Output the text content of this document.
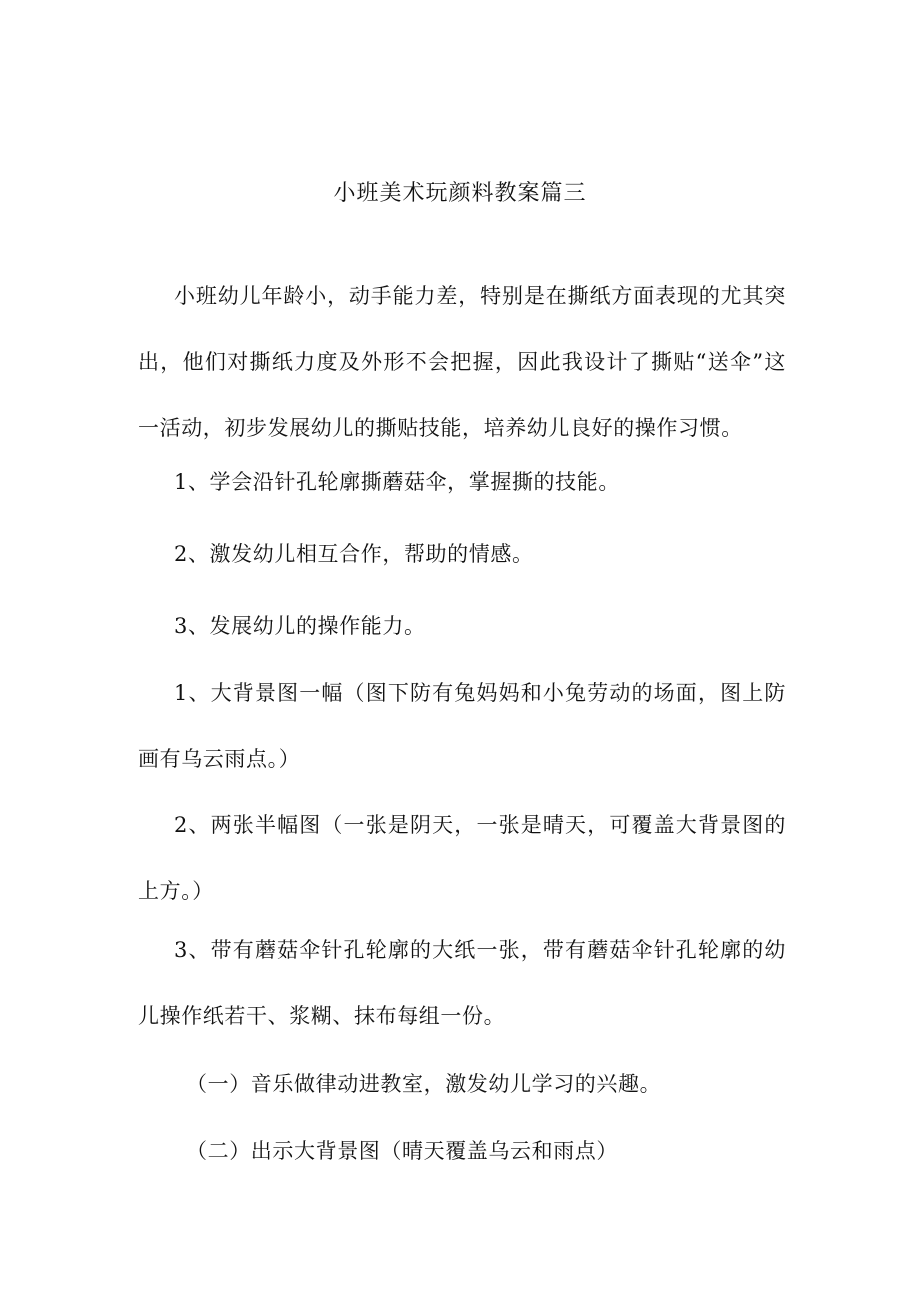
小班美术玩颜料教案篇三

小班幼儿年龄小，动手能力差，特别是在撕纸方面表现的尤其突出，他们对撕纸力度及外形不会把握，因此我设计了撕贴“送伞”这一活动，初步发展幼儿的撕贴技能，培养幼儿良好的操作习惯。

1、学会沿针孔轮廓撕蘑菇伞，掌握撕的技能。

2、激发幼儿相互合作，帮助的情感。

3、发展幼儿的操作能力。

1、大背景图一幅（图下防有兔妈妈和小兔劳动的场面，图上防画有乌云雨点。）

2、两张半幅图（一张是阴天，一张是晴天，可覆盖大背景图的上方。）

3、带有蘑菇伞针孔轮廓的大纸一张，带有蘑菇伞针孔轮廓的幼儿操作纸若干、浆糊、抹布每组一份。

（一）音乐做律动进教室，激发幼儿学习的兴趣。

（二）出示大背景图（晴天覆盖乌云和雨点）
